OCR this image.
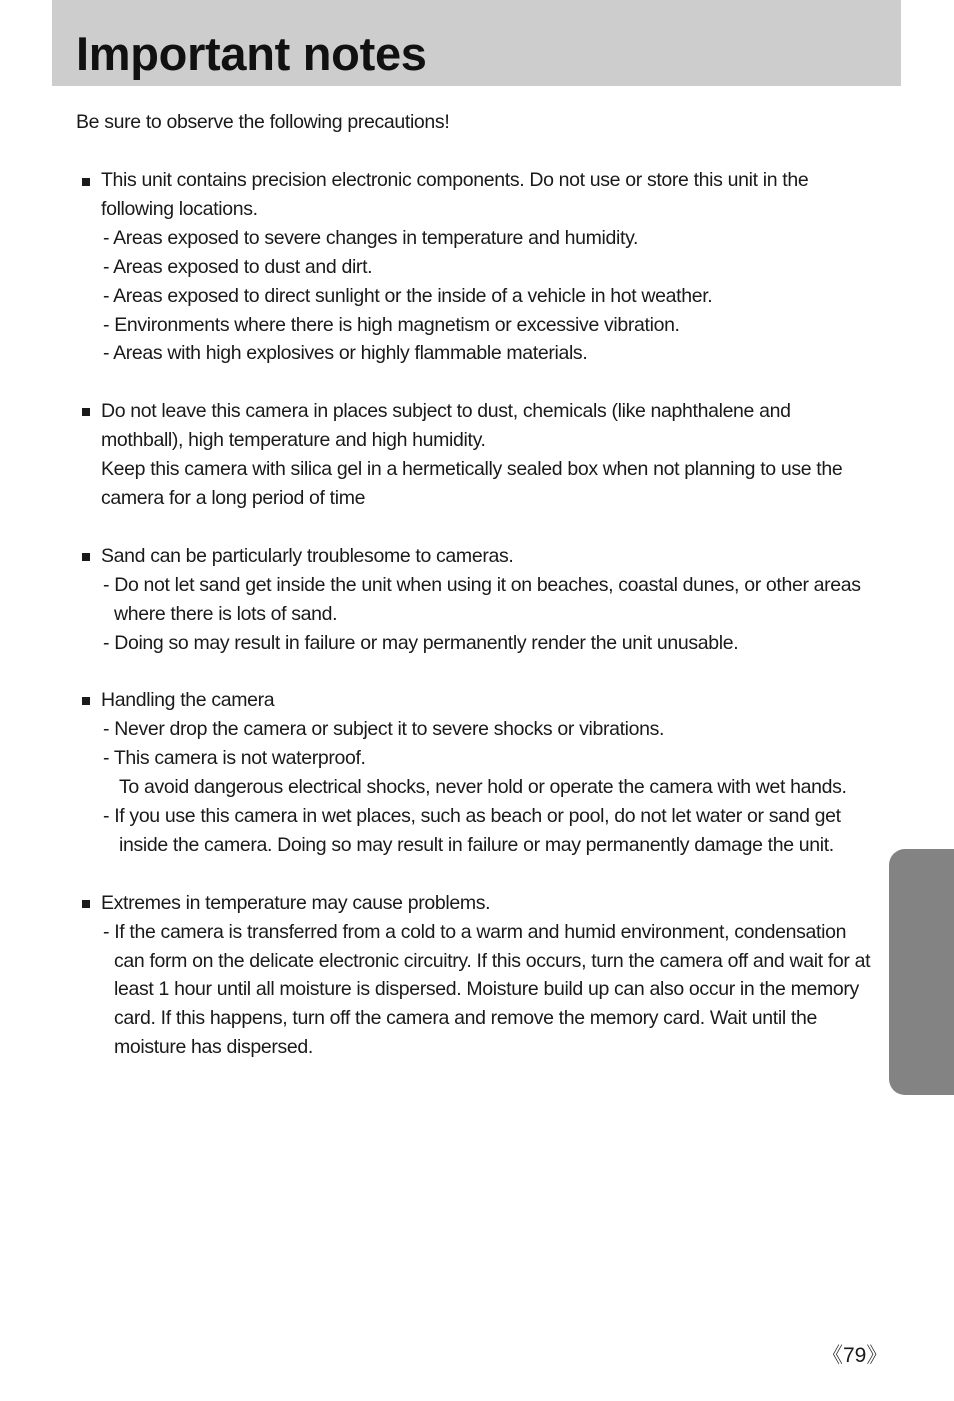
Important notes
Be sure to observe the following precautions!
This unit contains precision electronic components. Do not use or store this unit in the
following locations.
- Areas exposed to severe changes in temperature and humidity.
- Areas exposed to dust and dirt.
- Areas exposed to direct sunlight or the inside of a vehicle in hot weather.
- Environments where there is high magnetism or excessive vibration.
- Areas with high explosives or highly flammable materials.
Do not leave this camera in places subject to dust, chemicals (like naphthalene and
mothball), high temperature and high humidity.
Keep this camera with silica gel in a hermetically sealed box when not planning to use the
camera for a long period of time
Sand can be particularly troublesome to cameras.
- Do not let sand get inside the unit when using it on beaches, coastal dunes, or other areas
where there is lots of sand.
- Doing so may result in failure or may permanently render the unit unusable.
Handling the camera
- Never drop the camera or subject it to severe shocks or vibrations.
- This camera is not waterproof.
To avoid dangerous electrical shocks, never hold or operate the camera with wet hands.
- If you use this camera in wet places, such as beach or pool, do not let water or sand get
inside the camera. Doing so may result in failure or may permanently damage the unit.
Extremes in temperature may cause problems.
- If the camera is transferred from a cold to a warm and humid environment, condensation
can form on the delicate electronic circuitry. If this occurs, turn the camera off and wait for at
least 1 hour until all moisture is dispersed. Moisture build up can also occur in the memory
card. If this happens, turn off the camera and remove the memory card. Wait until the
moisture has dispersed.
《79》
